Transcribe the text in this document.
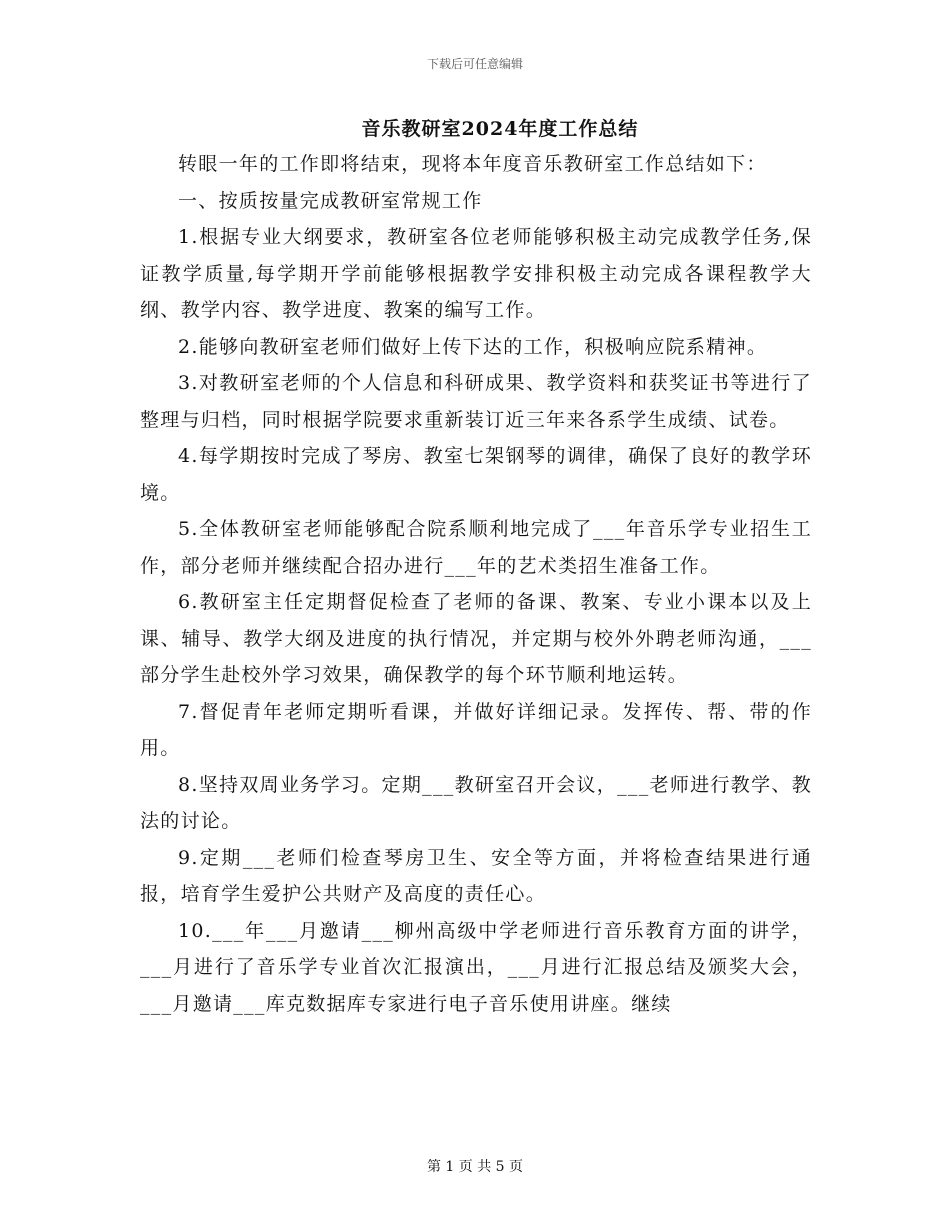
下载后可任意编辑
音乐教研室2024年度工作总结

转眼一年的工作即将结束，现将本年度音乐教研室工作总结如下：

一、按质按量完成教研室常规工作

1.根据专业大纲要求，教研室各位老师能够积极主动完成教学任务,保证教学质量,每学期开学前能够根据教学安排积极主动完成各课程教学大纲、教学内容、教学进度、教案的编写工作。

2.能够向教研室老师们做好上传下达的工作，积极响应院系精神。

3.对教研室老师的个人信息和科研成果、教学资料和获奖证书等进行了整理与归档，同时根据学院要求重新装订近三年来各系学生成绩、试卷。

4.每学期按时完成了琴房、教室七架钢琴的调律，确保了良好的教学环境。

5.全体教研室老师能够配合院系顺利地完成了___年音乐学专业招生工作，部分老师并继续配合招办进行___年的艺术类招生准备工作。

6.教研室主任定期督促检查了老师的备课、教案、专业小课本以及上课、辅导、教学大纲及进度的执行情况，并定期与校外外聘老师沟通，___部分学生赴校外学习效果，确保教学的每个环节顺利地运转。

7.督促青年老师定期听看课，并做好详细记录。发挥传、帮、带的作用。

8.坚持双周业务学习。定期___教研室召开会议，___老师进行教学、教法的讨论。

9.定期___老师们检查琴房卫生、安全等方面，并将检查结果进行通报，培育学生爱护公共财产及高度的责任心。

10.___年___月邀请___柳州高级中学老师进行音乐教育方面的讲学，___月进行了音乐学专业首次汇报演出，___月进行汇报总结及颁奖大会，___月邀请___库克数据库专家进行电子音乐使用讲座。继续

第 1 页 共 5 页
